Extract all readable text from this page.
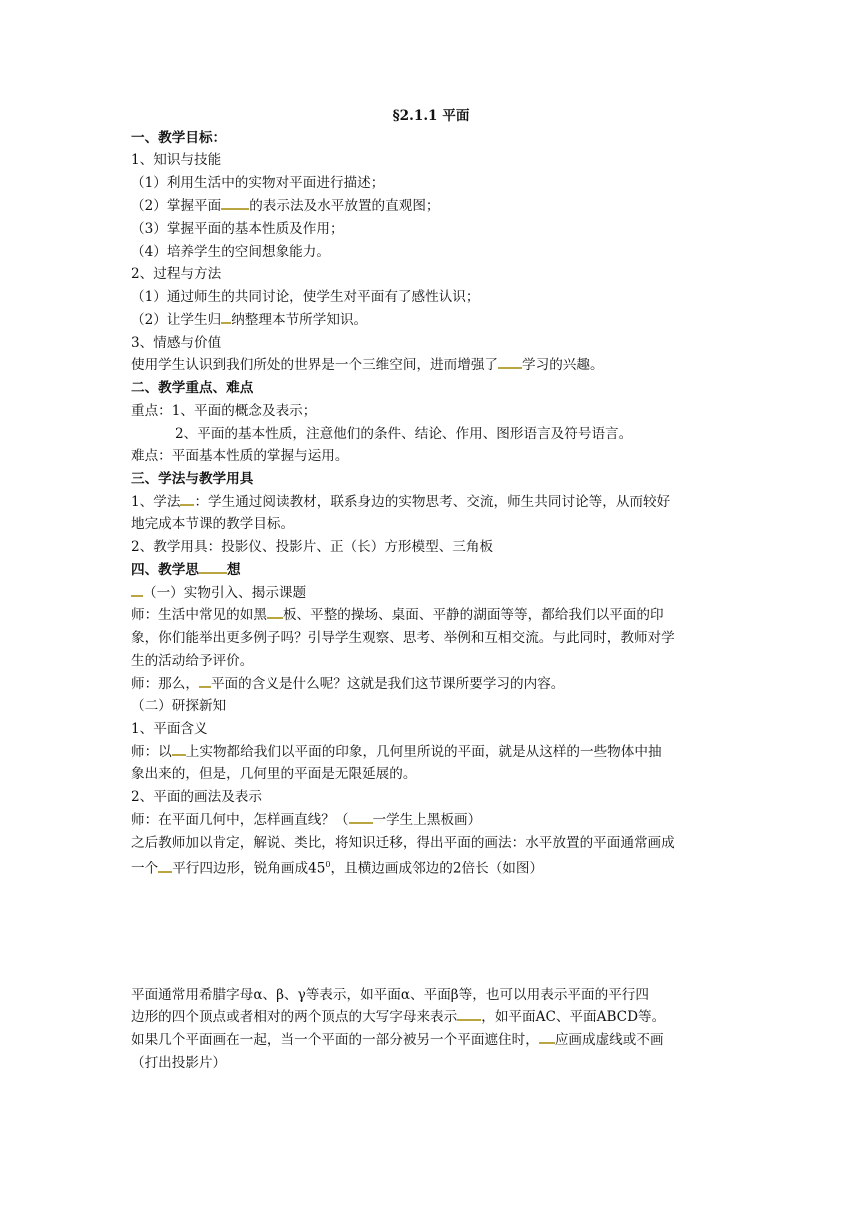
§2.1.1 平面
一、教学目标：
1、知识与技能
（1）利用生活中的实物对平面进行描述；
（2）掌握平面 的表示法及水平放置的直观图；
（3）掌握平面的基本性质及作用；
（4）培养学生的空间想象能力。
2、过程与方法
（1）通过师生的共同讨论，使学生对平面有了感性认识；
（2）让学生归 纳整理本节所学知识。
3、情感与价值
使用学生认识到我们所处的世界是一个三维空间，进而增强了 学习的兴趣。
二、教学重点、难点
重点：1、平面的概念及表示；
2、平面的基本性质，注意他们的条件、结论、作用、图形语言及符号语言。
难点：平面基本性质的掌握与运用。
三、学法与教学用具
1、学法 ：学生通过阅读教材，联系身边的实物思考、交流，师生共同讨论等，从而较好
地完成本节课的教学目标。
2、教学用具：投影仪、投影片、正（长）方形模型、三角板
四、教学思 想
（一）实物引入、揭示课题
师：生活中常见的如黑 板、平整的操场、桌面、平静的湖面等等，都给我们以平面的印
象，你们能举出更多例子吗？引导学生观察、思考、举例和互相交流。与此同时，教师对学
生的活动给予评价。
师：那么， 平面的含义是什么呢？这就是我们这节课所要学习的内容。
（二）研探新知
1、平面含义
师：以 上实物都给我们以平面的印象，几何里所说的平面，就是从这样的一些物体中抽
象出来的，但是，几何里的平面是无限延展的。
2、平面的画法及表示
师：在平面几何中，怎样画直线？（ 一学生上黑板画）
之后教师加以肯定，解说、类比，将知识迁移，得出平面的画法：水平放置的平面通常画成
一个 平行四边形，锐角画成$45^0$，且横边画成邻边的2倍长（如图）
平面通常用希腊字母α、β、γ等表示，如平面α、平面β等，也可以用表示平面的平行四
边形的四个顶点或者相对的两个顶点的大写字母来表示 ，如平面AC、平面ABCD等。
如果几个平面画在一起，当一个平面的一部分被另一个平面遮住时， 应画成虚线或不画
（打出投影片）
